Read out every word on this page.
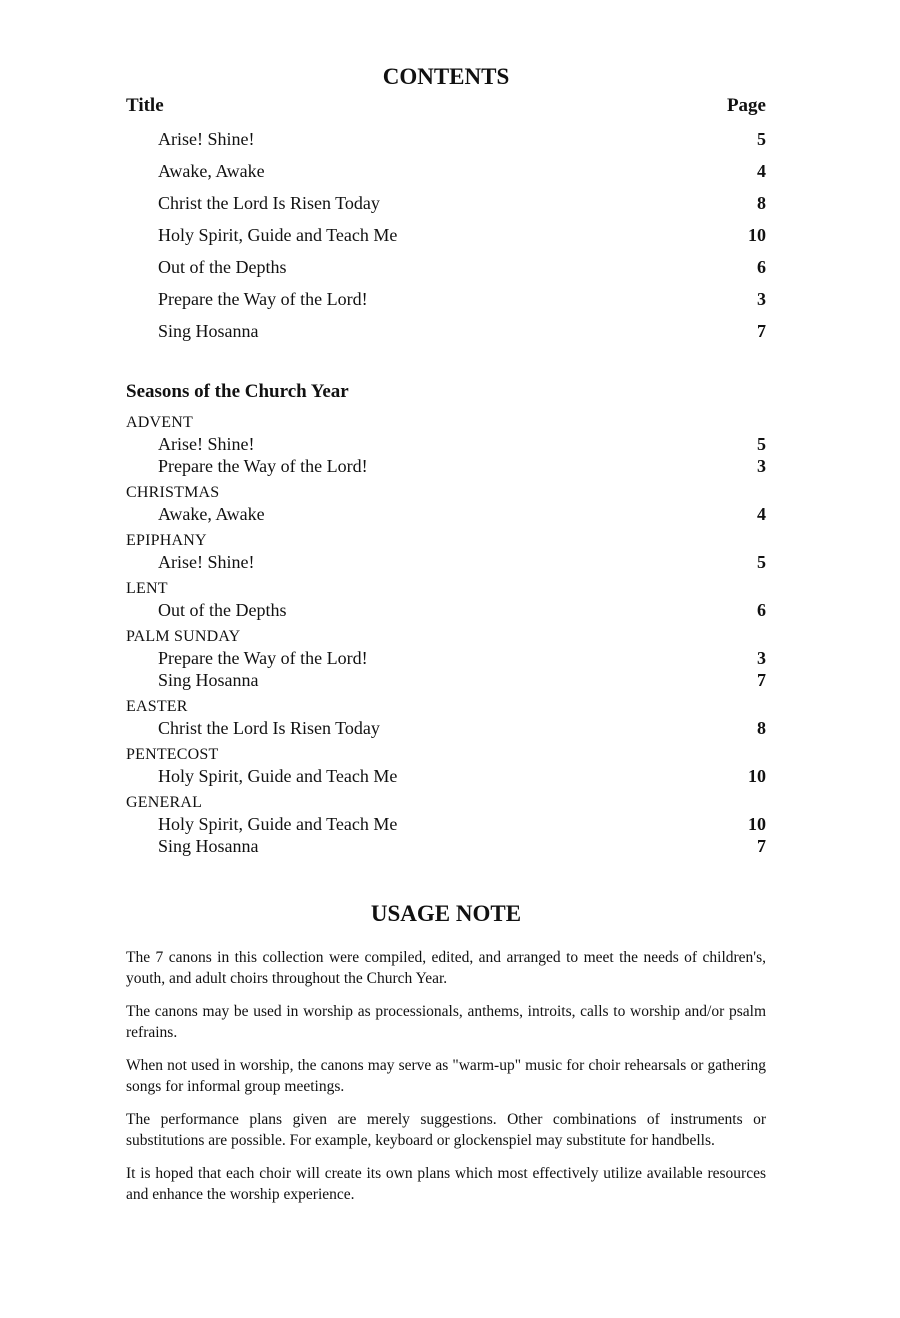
CONTENTS
Title	Page
Arise! Shine!	5
Awake, Awake	4
Christ the Lord Is Risen Today	8
Holy Spirit, Guide and Teach Me	10
Out of the Depths	6
Prepare the Way of the Lord!	3
Sing Hosanna	7
Seasons of the Church Year
ADVENT
Arise! Shine!	5
Prepare the Way of the Lord!	3
CHRISTMAS
Awake, Awake	4
EPIPHANY
Arise! Shine!	5
LENT
Out of the Depths	6
PALM SUNDAY
Prepare the Way of the Lord!	3
Sing Hosanna	7
EASTER
Christ the Lord Is Risen Today	8
PENTECOST
Holy Spirit, Guide and Teach Me	10
GENERAL
Holy Spirit, Guide and Teach Me	10
Sing Hosanna	7
USAGE NOTE

The 7 canons in this collection were compiled, edited, and arranged to meet the needs of children's, youth, and adult choirs throughout the Church Year.

The canons may be used in worship as processionals, anthems, introits, calls to worship and/or psalm refrains.

When not used in worship, the canons may serve as "warm-up" music for choir rehearsals or gathering songs for informal group meetings.

The performance plans given are merely suggestions. Other combinations of instruments or substitutions are possible. For example, keyboard or glockenspiel may substitute for handbells.

It is hoped that each choir will create its own plans which most effectively utilize available resources and enhance the worship experience.
